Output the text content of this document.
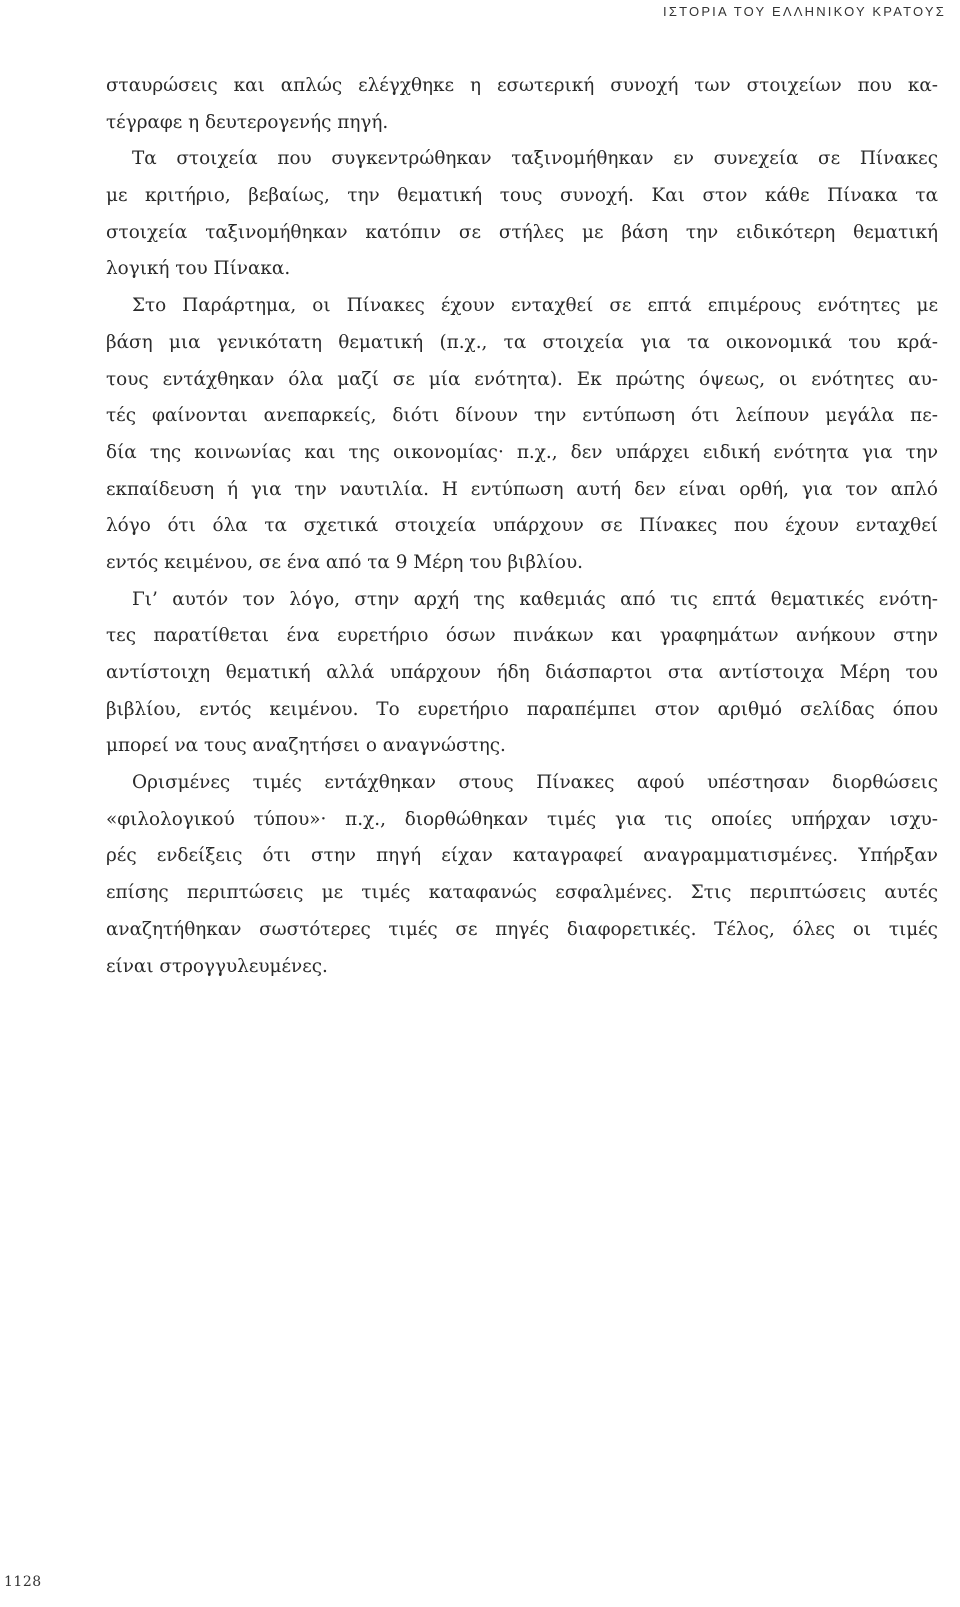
ΙΣΤΟΡΙΑ ΤΟΥ ΕΛΛΗΝΙΚΟΥ ΚΡΑΤΟΥΣ
σταυρώσεις και απλώς ελέγχθηκε η εσωτερική συνοχή των στοιχείων που κα-
τέγραφε η δευτερογενής πηγή.
Τα στοιχεία που συγκεντρώθηκαν ταξινομήθηκαν εν συνεχεία σε Πίνακες
με κριτήριο, βεβαίως, την θεματική τους συνοχή. Και στον κάθε Πίνακα τα
στοιχεία ταξινομήθηκαν κατόπιν σε στήλες με βάση την ειδικότερη θεματική
λογική του Πίνακα.
Στο Παράρτημα, οι Πίνακες έχουν ενταχθεί σε επτά επιμέρους ενότητες με
βάση μια γενικότατη θεματική (π.χ., τα στοιχεία για τα οικονομικά του κρά-
τους εντάχθηκαν όλα μαζί σε μία ενότητα). Εκ πρώτης όψεως, οι ενότητες αυ-
τές φαίνονται ανεπαρκείς, διότι δίνουν την εντύπωση ότι λείπουν μεγάλα πε-
δία της κοινωνίας και της οικονομίας· π.χ., δεν υπάρχει ειδική ενότητα για την
εκπαίδευση ή για την ναυτιλία. Η εντύπωση αυτή δεν είναι ορθή, για τον απλό
λόγο ότι όλα τα σχετικά στοιχεία υπάρχουν σε Πίνακες που έχουν ενταχθεί
εντός κειμένου, σε ένα από τα 9 Μέρη του βιβλίου.
Γι’ αυτόν τον λόγο, στην αρχή της καθεμιάς από τις επτά θεματικές ενότη-
τες παρατίθεται ένα ευρετήριο όσων πινάκων και γραφημάτων ανήκουν στην
αντίστοιχη θεματική αλλά υπάρχουν ήδη διάσπαρτοι στα αντίστοιχα Μέρη του
βιβλίου, εντός κειμένου. Το ευρετήριο παραπέμπει στον αριθμό σελίδας όπου
μπορεί να τους αναζητήσει ο αναγνώστης.
Ορισμένες τιμές εντάχθηκαν στους Πίνακες αφού υπέστησαν διορθώσεις
«φιλολογικού τύπου»· π.χ., διορθώθηκαν τιμές για τις οποίες υπήρχαν ισχυ-
ρές ενδείξεις ότι στην πηγή είχαν καταγραφεί αναγραμματισμένες. Υπήρξαν
επίσης περιπτώσεις με τιμές καταφανώς εσφαλμένες. Στις περιπτώσεις αυτές
αναζητήθηκαν σωστότερες τιμές σε πηγές διαφορετικές. Τέλος, όλες οι τιμές
είναι στρογγυλευμένες.
1128
